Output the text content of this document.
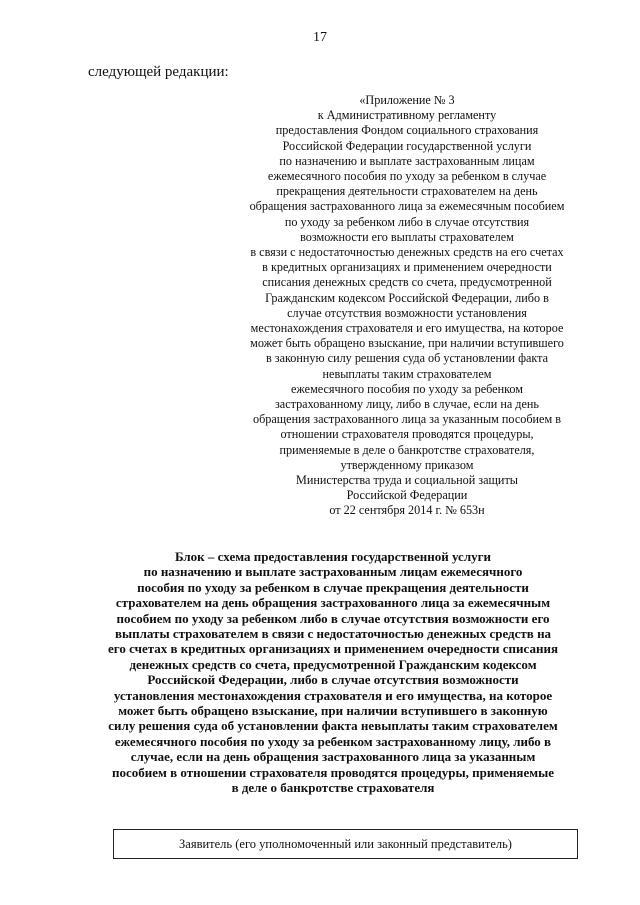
17
следующей редакции:
«Приложение № 3
к Административному регламенту
предоставления Фондом социального страхования
Российской Федерации государственной услуги
по назначению и выплате застрахованным лицам
ежемесячного пособия по уходу за ребенком в случае
прекращения деятельности страхователем на день
обращения застрахованного лица за ежемесячным пособием
по уходу за ребенком либо в случае отсутствия
возможности его выплаты страхователем
в связи с недостаточностью денежных средств на его счетах
в кредитных организациях и применением очередности
списания денежных средств со счета, предусмотренной
Гражданским кодексом Российской Федерации, либо в
случае отсутствия возможности установления
местонахождения страхователя и его имущества, на которое
может быть обращено взыскание, при наличии вступившего
в законную силу решения суда об установлении факта
невыплаты таким страхователем
ежемесячного пособия по уходу за ребенком
застрахованному лицу, либо в случае, если на день
обращения застрахованного лица за указанным пособием в
отношении страхователя проводятся процедуры,
применяемые в деле о банкротстве страхователя,
утвержденному приказом
Министерства труда и социальной защиты
Российской Федерации
от 22 сентября 2014 г. № 653н
Блок – схема предоставления государственной услуги
по назначению и выплате застрахованным лицам ежемесячного
пособия по уходу за ребенком в случае прекращения деятельности
страхователем на день обращения застрахованного лица за ежемесячным
пособием по уходу за ребенком либо в случае отсутствия возможности его
выплаты страхователем в связи с недостаточностью денежных средств на
его счетах в кредитных организациях и применением очередности списания
денежных средств со счета, предусмотренной Гражданским кодексом
Российской Федерации, либо в случае отсутствия возможности
установления местонахождения страхователя и его имущества, на которое
может быть обращено взыскание, при наличии вступившего в законную
силу решения суда об установлении факта невыплаты таким страхователем
ежемесячного пособия по уходу за ребенком застрахованному лицу, либо в
случае, если на день обращения застрахованного лица за указанным
пособием в отношении страхователя проводятся процедуры, применяемые
в деле о банкротстве страхователя
Заявитель (его уполномоченный или законный представитель)
